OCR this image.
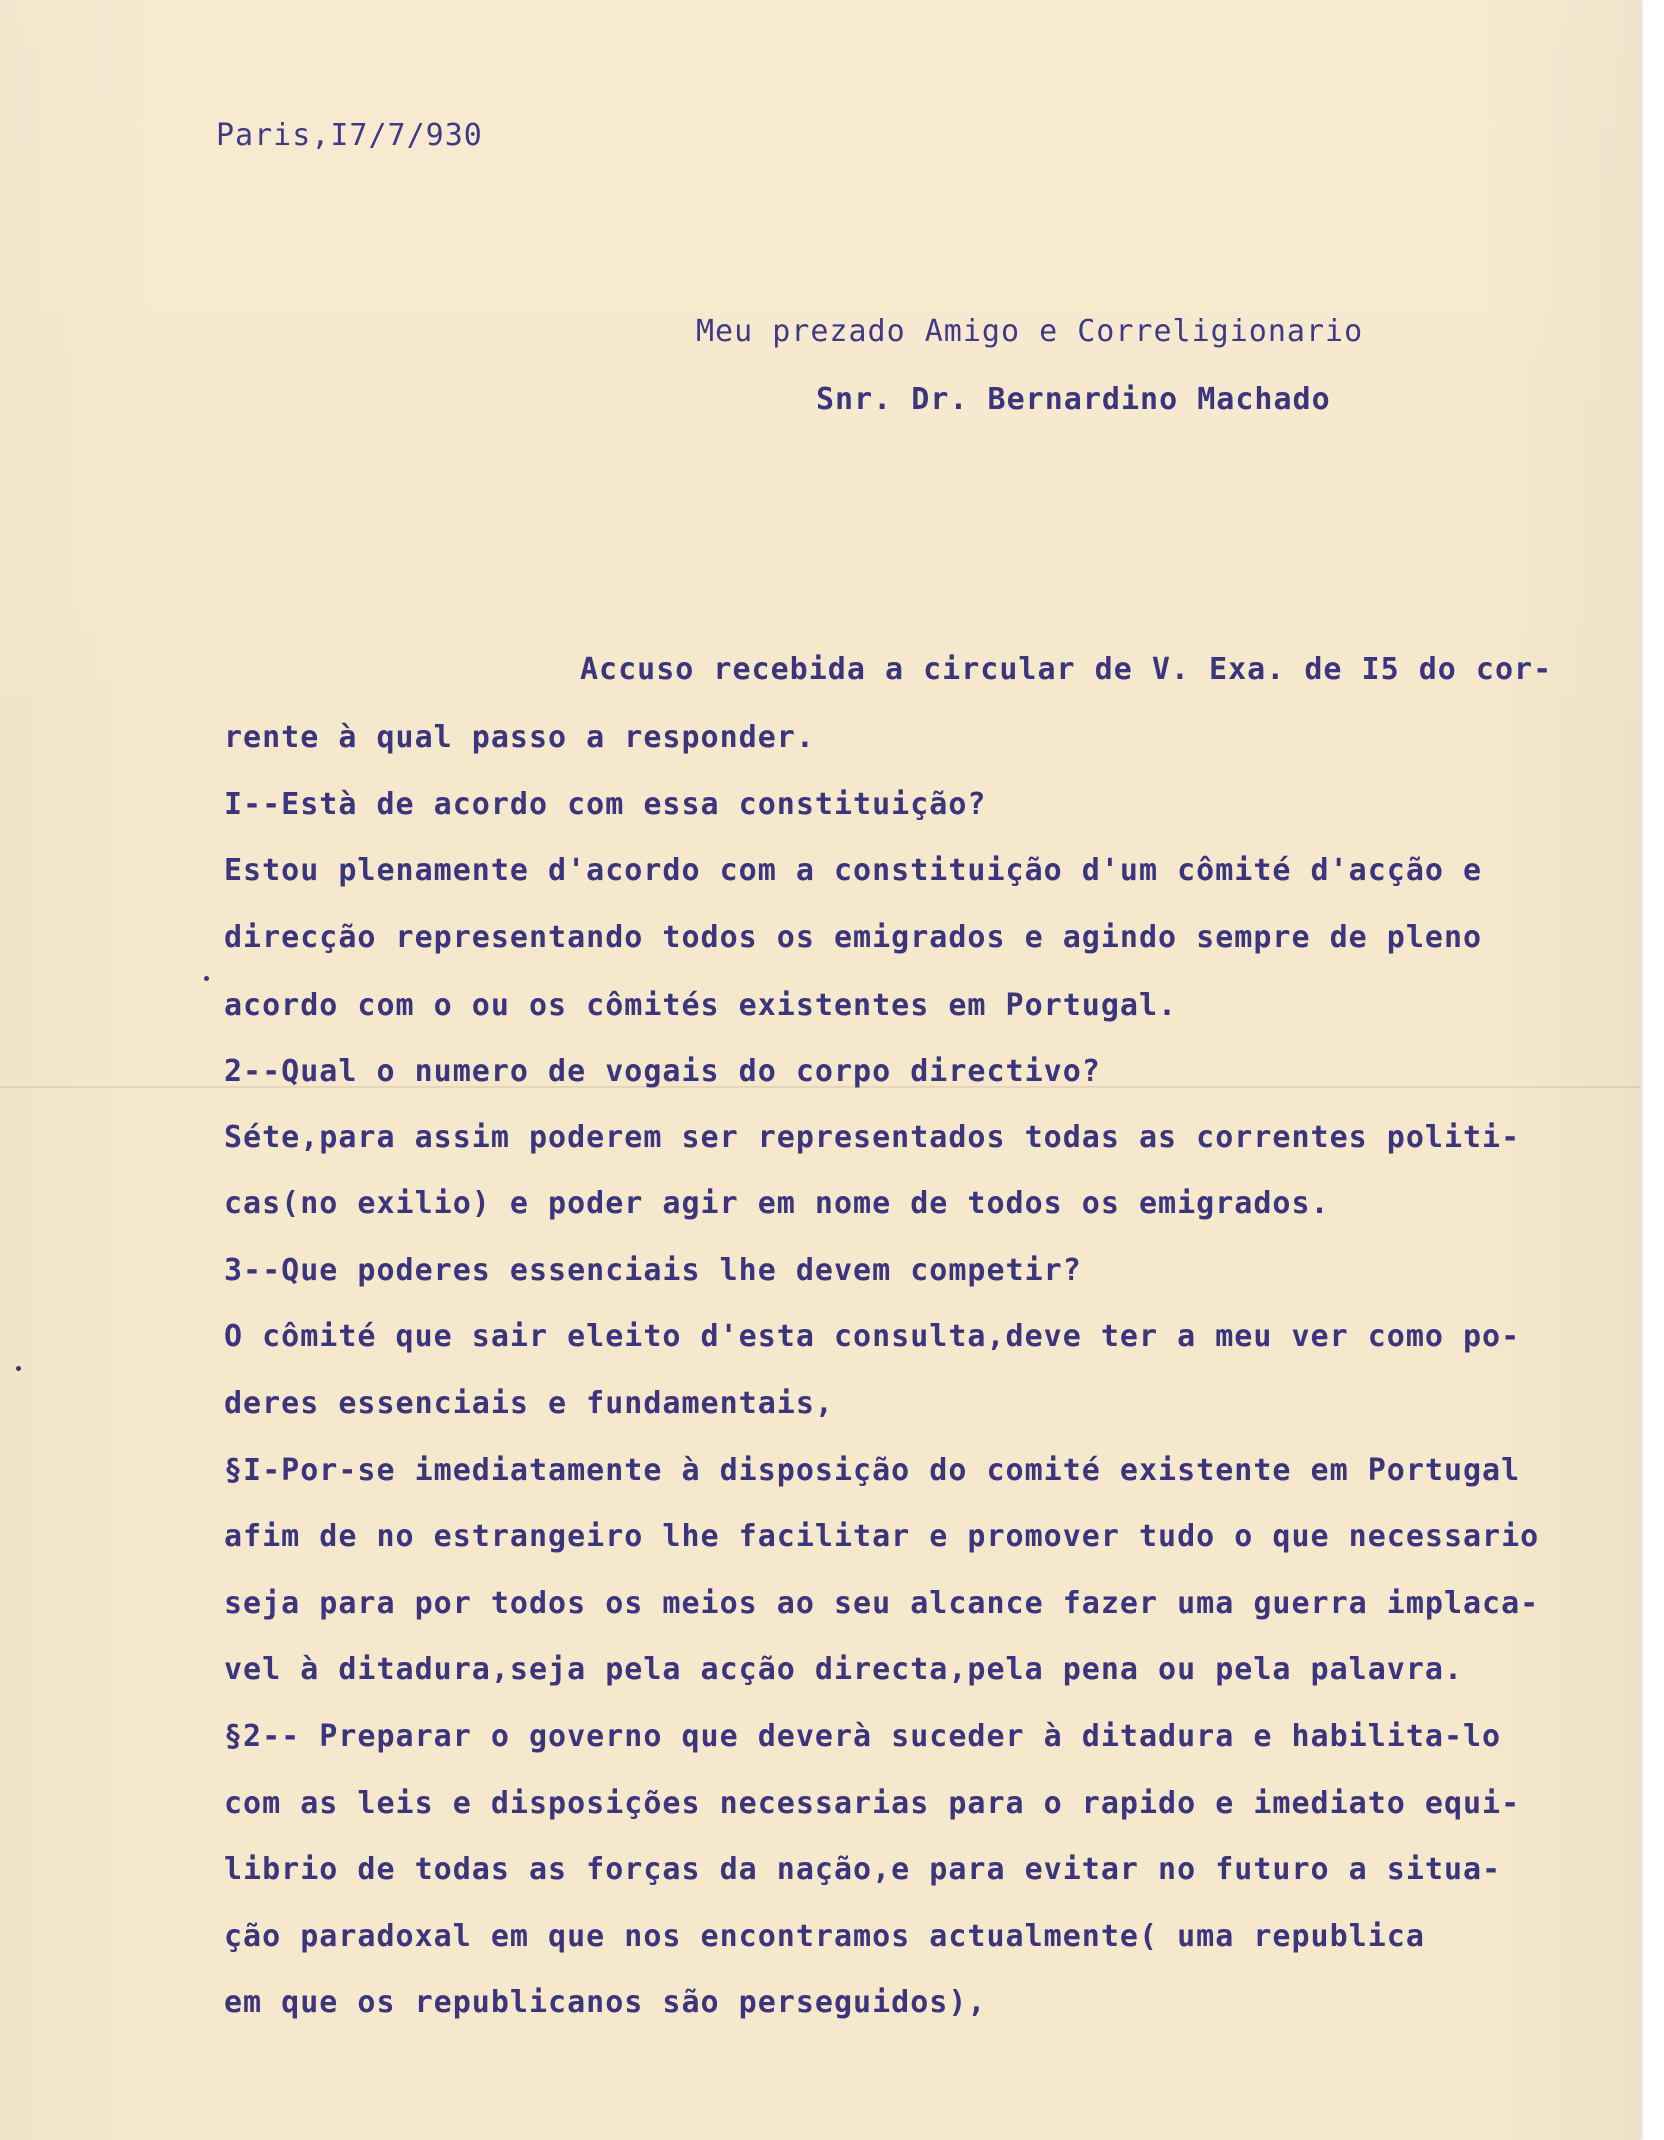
Paris,I7/7/930

Meu prezado Amigo e Correligionario

Snr. Dr. Bernardino Machado

Accuso recebida a circular de V. Exa. de I5 do cor-

rente à qual passo a responder.

I--Està de acordo com essa constituição?

Estou plenamente d'acordo com a constituição d'um cômité d'acção e

direcção representando todos os emigrados e agindo sempre de pleno

acordo com o ou os cômités existentes em Portugal.

2--Qual o numero de vogais do corpo directivo?

Séte,para assim poderem ser representados todas as correntes politi-

cas(no exilio) e poder agir em nome de todos os emigrados.

3--Que poderes essenciais lhe devem competir?

O cômité que sair eleito d'esta consulta,deve ter a meu ver como po-

deres essenciais e fundamentais,

§I-Por-se imediatamente à disposição do comité existente em Portugal

afim de no estrangeiro lhe facilitar e promover tudo o que necessario

seja para por todos os meios ao seu alcance fazer uma guerra implaca-

vel à ditadura,seja pela acção directa,pela pena ou pela palavra.

§2-- Preparar o governo que deverà suceder à ditadura e habilita-lo

com as leis e disposições necessarias para o rapido e imediato equi-

librio de todas as forças da nação,e para evitar no futuro a situa-

ção paradoxal em que nos encontramos actualmente( uma republica

em que os republicanos são perseguidos),
